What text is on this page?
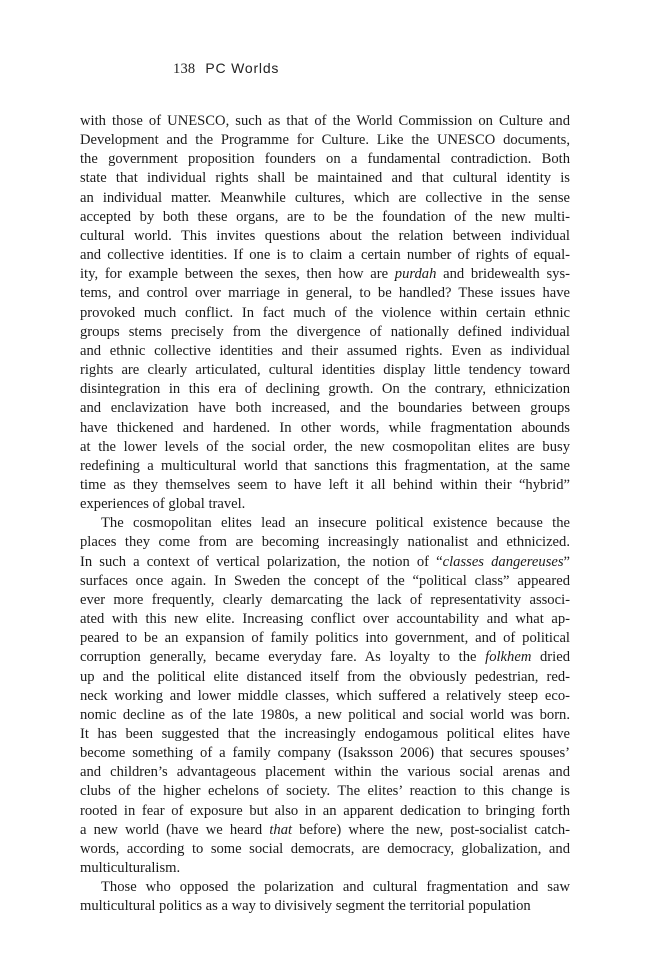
138 PC Worlds

with those of UNESCO, such as that of the World Commission on Culture and
Development and the Programme for Culture. Like the UNESCO documents,
the government proposition founders on a fundamental contradiction. Both
state that individual rights shall be maintained and that cultural identity is
an individual matter. Meanwhile cultures, which are collective in the sense
accepted by both these organs, are to be the foundation of the new multi-
cultural world. This invites questions about the relation between individual
and collective identities. If one is to claim a certain number of rights of equal-
ity, for example between the sexes, then how are purdah and bridewealth sys-
tems, and control over marriage in general, to be handled? These issues have
provoked much conflict. In fact much of the violence within certain ethnic
groups stems precisely from the divergence of nationally defined individual
and ethnic collective identities and their assumed rights. Even as individual
rights are clearly articulated, cultural identities display little tendency toward
disintegration in this era of declining growth. On the contrary, ethnicization
and enclavization have both increased, and the boundaries between groups
have thickened and hardened. In other words, while fragmentation abounds
at the lower levels of the social order, the new cosmopolitan elites are busy
redefining a multicultural world that sanctions this fragmentation, at the same
time as they themselves seem to have left it all behind within their “hybrid”
experiences of global travel.

The cosmopolitan elites lead an insecure political existence because the
places they come from are becoming increasingly nationalist and ethnicized.
In such a context of vertical polarization, the notion of “classes dangereuses”
surfaces once again. In Sweden the concept of the “political class” appeared
ever more frequently, clearly demarcating the lack of representativity associ-
ated with this new elite. Increasing conflict over accountability and what ap-
peared to be an expansion of family politics into government, and of political
corruption generally, became everyday fare. As loyalty to the folkhem dried
up and the political elite distanced itself from the obviously pedestrian, red-
neck working and lower middle classes, which suffered a relatively steep eco-
nomic decline as of the late 1980s, a new political and social world was born.
It has been suggested that the increasingly endogamous political elites have
become something of a family company (Isaksson 2006) that secures spouses’
and children’s advantageous placement within the various social arenas and
clubs of the higher echelons of society. The elites’ reaction to this change is
rooted in fear of exposure but also in an apparent dedication to bringing forth
a new world (have we heard that before) where the new, post-socialist catch-
words, according to some social democrats, are democracy, globalization, and
multiculturalism.

Those who opposed the polarization and cultural fragmentation and saw
multicultural politics as a way to divisively segment the territorial population
